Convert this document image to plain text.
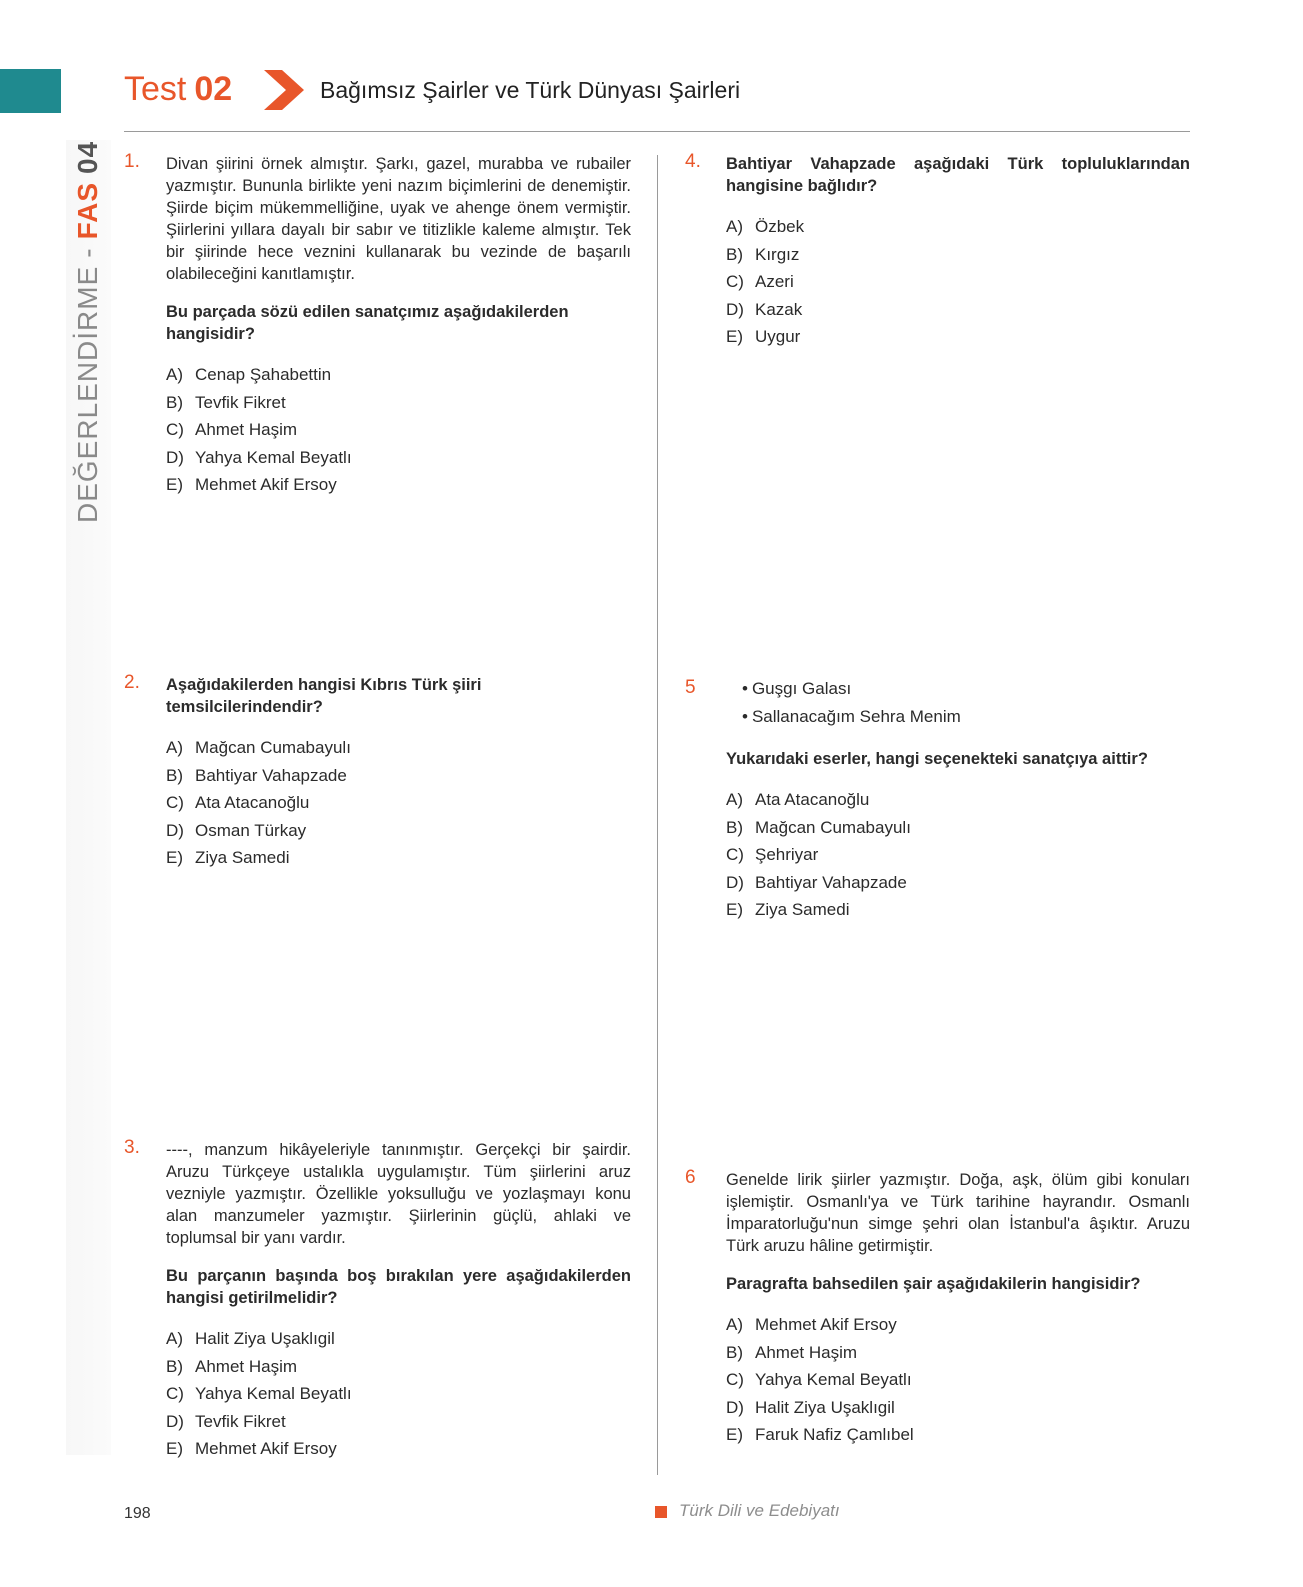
Test 02	Bağımsız Şairler ve Türk Dünyası Şairleri
DEĞERLENDİRME-FAS04 1. Divan şiirini örnek almıştır. Şarkı, gazel, murabba ve rubailer yazmıştır. Bununla birlikte yeni nazım biçimlerini de denemiştir. Şiirde biçim mükemmelliğine, uyak ve ahenge önem vermiştir. Şiirlerini yıllara dayalı bir sabır ve titizlikle kaleme almıştır. Tek bir şiirinde hece veznini kullanarak bu vezinde de başarılı olabileceğini kanıtlamıştır.

Bu parçada sözü edilen sanatçımız aşağıdakilerden hangisidir?

A) Cenap Şahabettin
B) Tevfik Fikret
C) Ahmet Haşim
D) Yahya Kemal Beyatlı
E) Mehmet Akif Ersoy
2. Aşağıdakilerden hangisi Kıbrıs Türk şiiri temsilcilerindendir?

A) Mağcan Cumabayulı
B) Bahtiyar Vahapzade
C) Ata Atacanoğlu
D) Osman Türkay
E) Ziya Samedi
3. ----, manzum hikâyeleriyle tanınmıştır. Gerçekçi bir şairdir. Aruzu Türkçeye ustalıkla uygulamıştır. Tüm şiirlerini aruz vezniyle yazmıştır. Özellikle yoksulluğu ve yozlaşmayı konu alan manzumeler yazmıştır. Şiirlerinin güçlü, ahlaki ve toplumsal bir yanı vardır.

Bu parçanın başında boş bırakılan yere aşağıdakilerden hangisi getirilmelidir?

A) Halit Ziya Uşaklıgil
B) Ahmet Haşim
C) Yahya Kemal Beyatlı
D) Tevfik Fikret
E) Mehmet Akif Ersoy
4. Bahtiyar Vahapzade aşağıdaki Türk topluluklarından hangisine bağlıdır?

A) Özbek
B) Kırgız
C) Azeri
D) Kazak
E) Uygur
5
•	Guşgı Galası
• Sallanacağım Sehra Menim

Yukarıdaki eserler, hangi seçenekteki sanatçıya aittir?

A) Ata Atacanoğlu
B) Mağcan Cumabayulı
C) Şehriyar
D) Bahtiyar Vahapzade
E) Ziya Samedi
6 Genelde lirik şiirler yazmıştır. Doğa, aşk, ölüm gibi konuları işlemiştir. Osmanlı'ya ve Türk tarihine hayrandır. Osmanlı İmparatorluğu'nun simge şehri olan İstanbul'a âşıktır. Aruzu Türk aruzu hâline getirmiştir.

Paragrafta bahsedilen şair aşağıdakilerin hangisidir?

A) Mehmet Akif Ersoy
B) Ahmet Haşim
C) Yahya Kemal Beyatlı
D) Halit Ziya Uşaklıgil
E) Faruk Nafiz Çamlıbel
198	Türk Dili ve Edebiyatı
